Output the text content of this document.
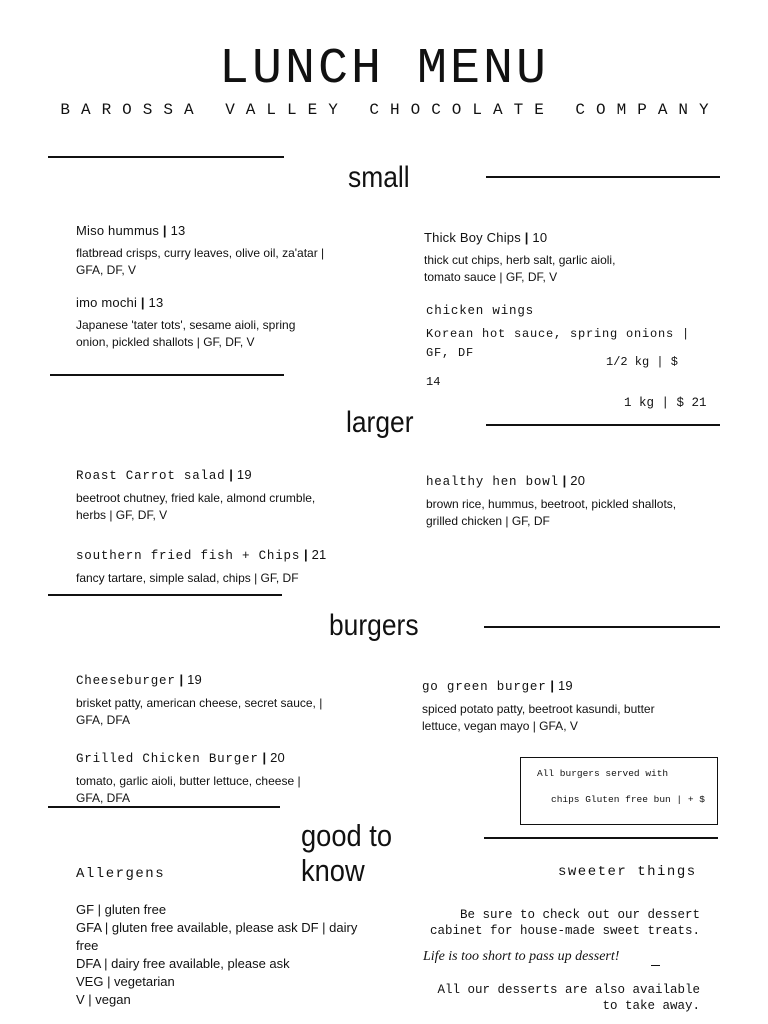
LUNCH MENU
BAROSSA VALLEY CHOCOLATE COMPANY
small
Miso hummus | 13
flatbread crisps, curry leaves, olive oil, za'atar | GFA, DF, V
imo mochi | 13
Japanese 'tater tots', sesame aioli, spring onion, pickled shallots | GF, DF, V
Thick Boy Chips | 10
thick cut chips, herb salt, garlic aioli, tomato sauce | GF, DF, V
chicken wings
Korean hot sauce, spring onions | GF, DF
1/2 kg | $
14
1 kg | $ 21
larger
Roast Carrot salad | 19
beetroot chutney, fried kale, almond crumble, herbs | GF, DF, V
southern fried fish + Chips | 21
fancy tartare, simple salad, chips | GF, DF
healthy hen bowl | 20
brown rice, hummus, beetroot, pickled shallots, grilled chicken | GF, DF
burgers
Cheeseburger | 19
brisket patty, american cheese, secret sauce, | GFA, DFA
Grilled Chicken Burger | 20
tomato, garlic aioli, butter lettuce, cheese | GFA, DFA
go green burger | 19
spiced potato patty, beetroot kasundi, butter lettuce, vegan mayo | GFA, V
All burgers served with
chips Gluten free bun | + $
good to
know
Allergens
GF | gluten free
GFA | gluten free available, please ask DF | dairy free
DFA | dairy free available, please ask
VEG | vegetarian
V | vegan
sweeter things
Be sure to check out our dessert cabinet for house-made sweet treats.
Life is too short to pass up dessert!
All our desserts are also available to take away.
